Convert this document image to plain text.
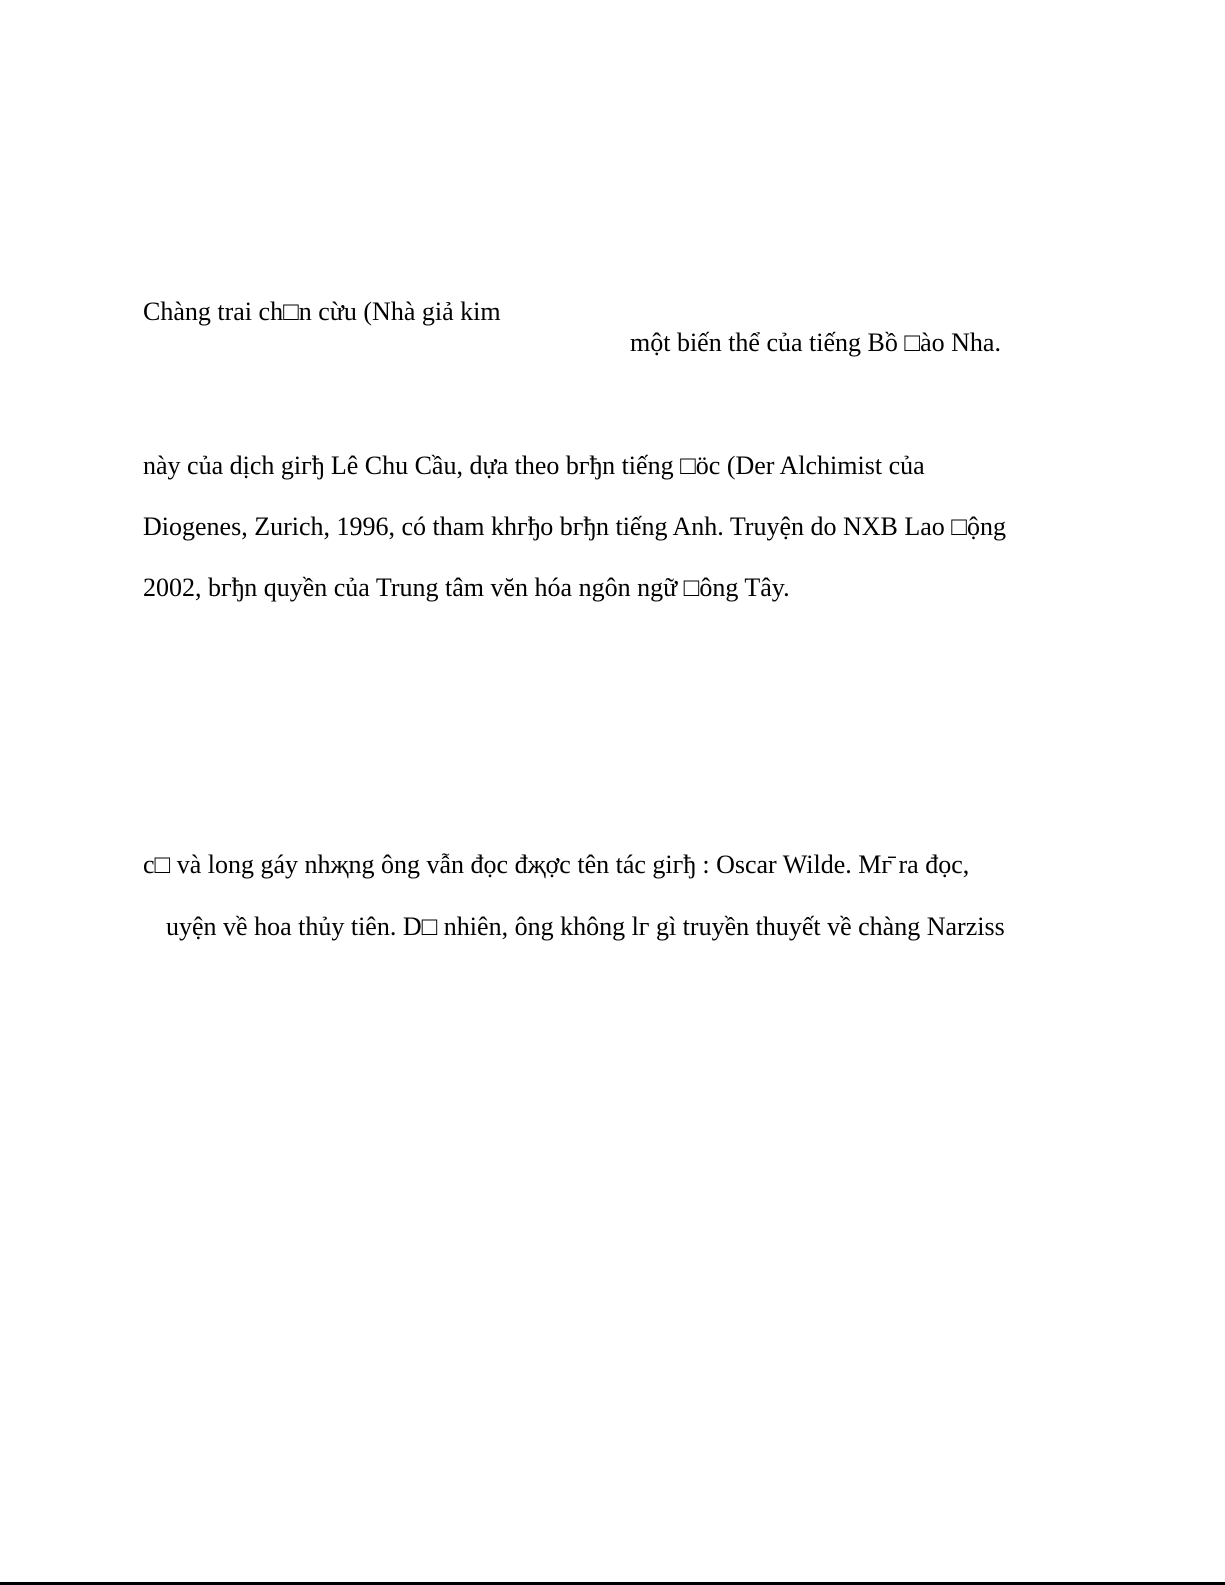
Chàng trai ch□n cừu (Nhà giả kim
một biến thể của tiếng Bồ □ào Nha.
này của dịch giгђ Lê Chu Cầu, dựa theo bгђn tiếng □ӧc (Der Alchimist của
Diogenes, Zurich, 1996, có tham khгђo bгђn tiếng Anh. Truyện do NXB Lao □ộng
2002, bгђn quyền của Trung tâm vĕn hóa ngôn ngữ □ông Tây.
c□ và long gáy nhҗng ông vẫn đọc đҗợc tên tác giгђ : Oscar Wilde. Mг̄ ra đọc,
uyện về hoa thủy tiên. D□ nhiên, ông không lг gì truyền thuyết về chàng Narziss
